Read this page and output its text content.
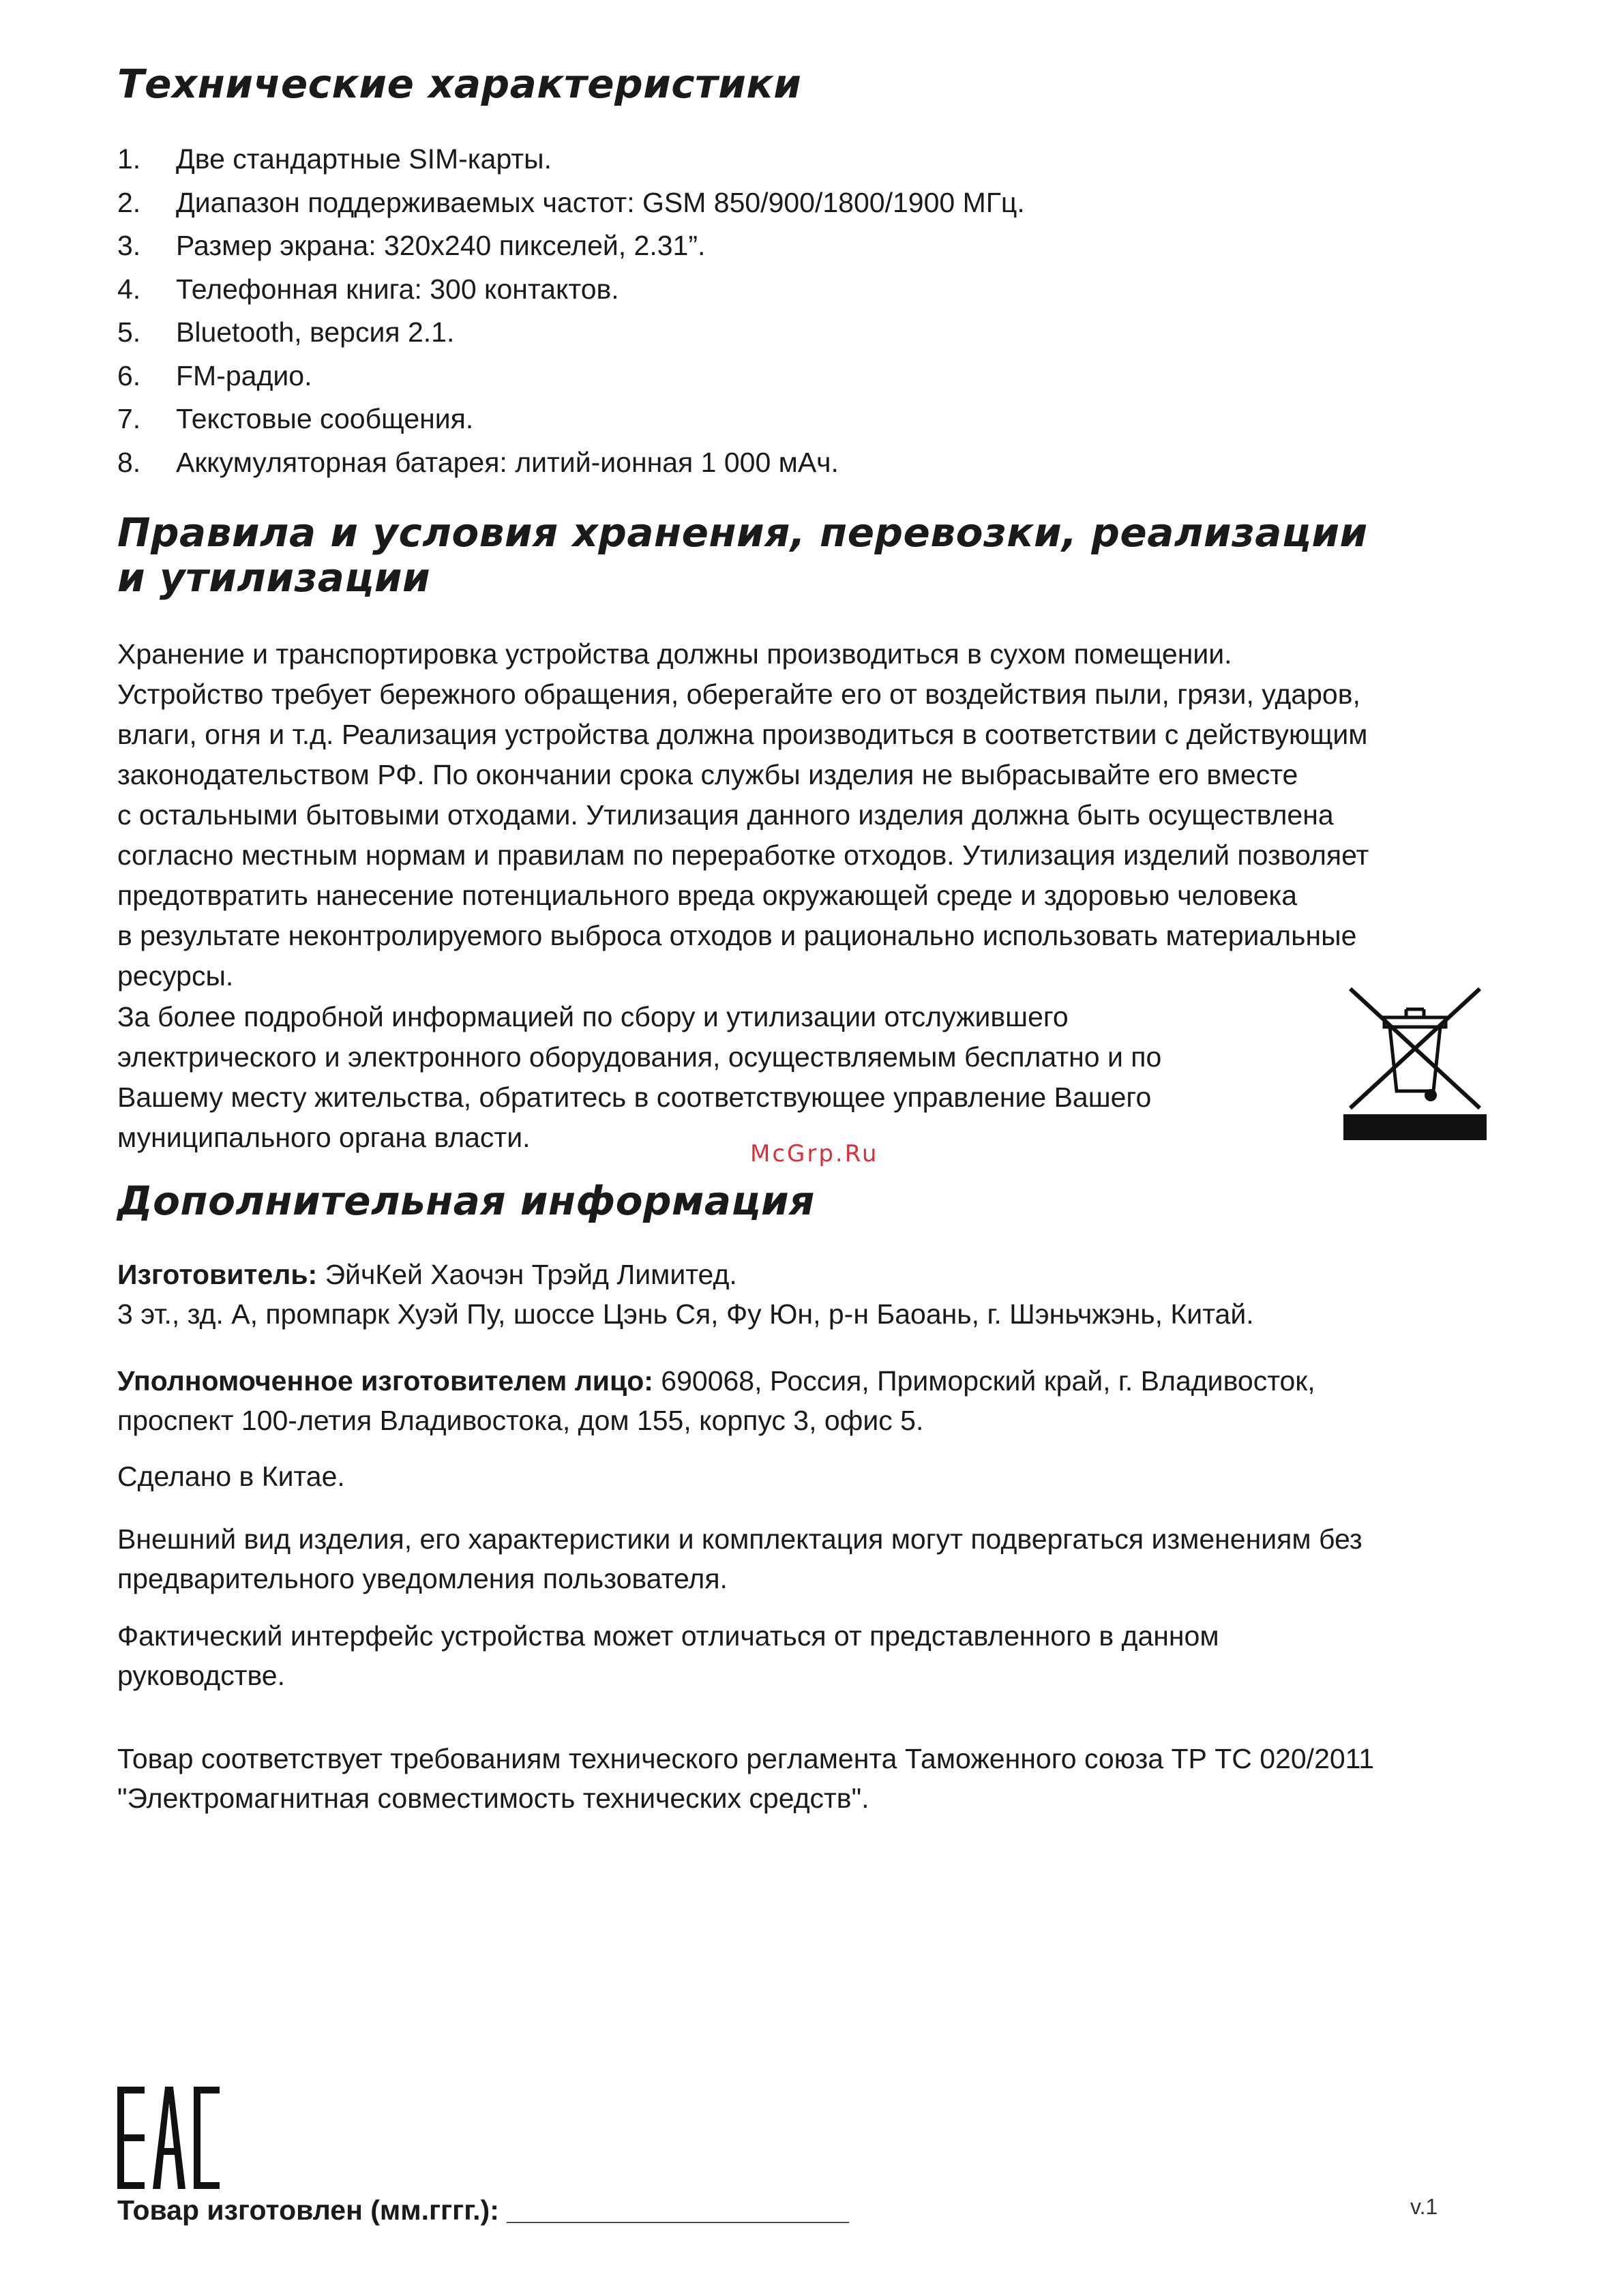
Технические характеристики
1. Две стандартные SIM-карты.
2. Диапазон поддерживаемых частот: GSM 850/900/1800/1900 МГц.
3. Размер экрана: 320x240 пикселей, 2.31”.
4. Телефонная книга: 300 контактов.
5. Bluetooth, версия 2.1.
6. FM-радио.
7. Текстовые сообщения.
8. Аккумуляторная батарея: литий-ионная 1 000 мАч.
Правила и условия хранения, перевозки, реализации
и утилизации
Хранение и транспортировка устройства должны производиться в сухом помещении.
Устройство требует бережного обращения, оберегайте его от воздействия пыли, грязи, ударов,
влаги, огня и т.д. Реализация устройства должна производиться в соответствии с действующим
законодательством РФ. По окончании срока службы изделия не выбрасывайте его вместе
с остальными бытовыми отходами. Утилизация данного изделия должна быть осуществлена
согласно местным нормам и правилам по переработке отходов. Утилизация изделий позволяет
предотвратить нанесение потенциального вреда окружающей среде и здоровью человека
в результате неконтролируемого выброса отходов и рационально использовать материальные
ресурсы.
За более подробной информацией по сбору и утилизации отслужившего
электрического и электронного оборудования, осуществляемым бесплатно и по
Вашему месту жительства, обратитесь в соответствующее управление Вашего
муниципального органа власти.
McGrp.Ru
Дополнительная информация

Изготовитель: ЭйчКей Хаочэн Трэйд Лимитед.
3 эт., зд. А, промпарк Хуэй Пу, шоссе Цэнь Ся, Фу Юн, р-н Баоань, г. Шэньчжэнь, Китай.

Уполномоченное изготовителем лицо: 690068, Россия, Приморский край, г. Владивосток,
проспект 100-летия Владивостока, дом 155, корпус 3, офис 5.

Сделано в Китае.

Внешний вид изделия, его характеристики и комплектация могут подвергаться изменениям без
предварительного уведомления пользователя.

Фактический интерфейс устройства может отличаться от представленного в данном
руководстве.

Товар соответствует требованиям технического регламента Таможенного союза ТР ТС 020/2011
"Электромагнитная совместимость технических средств".

Товар изготовлен (мм.гггг.): ______________________	v.1
